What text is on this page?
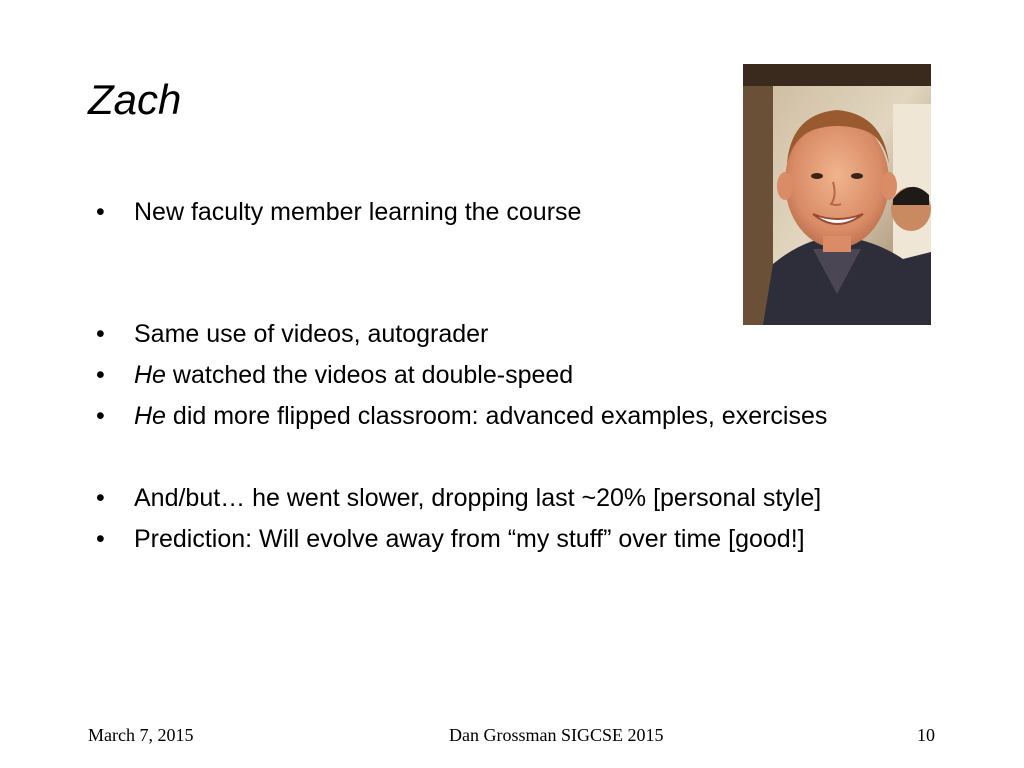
Zach
•	New faculty member learning the course
•	Same use of videos, autograder
•	He watched the videos at double-speed
•	He did more flipped classroom: advanced examples, exercises
•	And/but… he went slower, dropping last ~20% [personal style]
•	Prediction: Will evolve away from “my stuff” over time [good!]
March 7, 2015	Dan Grossman SIGCSE 2015	10
